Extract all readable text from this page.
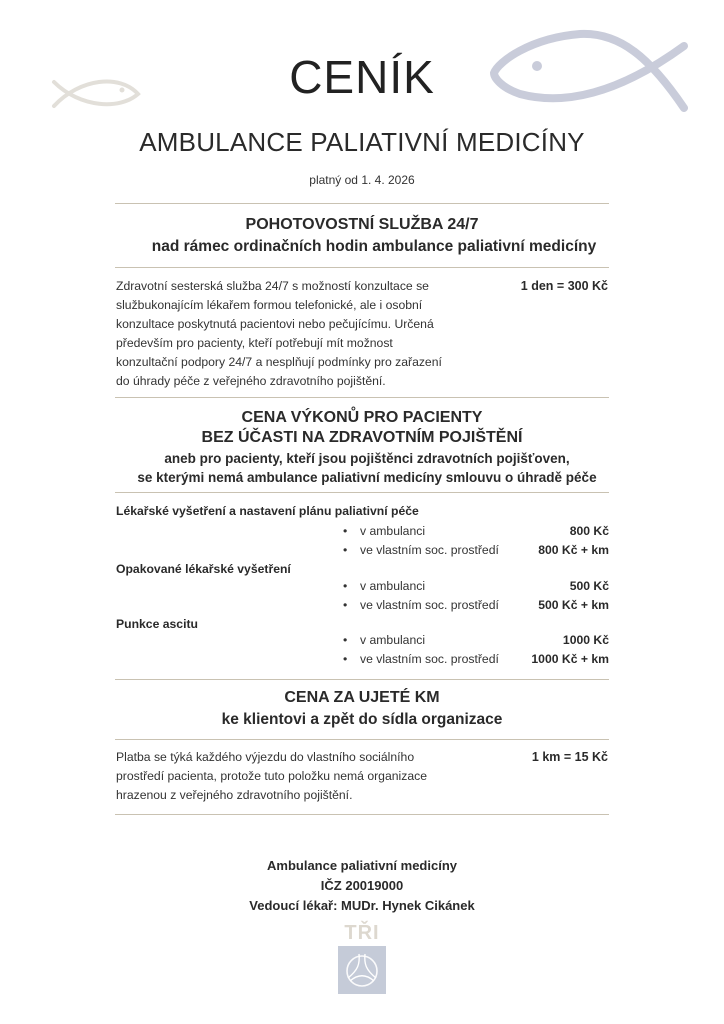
CENÍK
AMBULANCE PALIATIVNÍ MEDICÍNY
platný od 1. 4. 2026
POHOTOVOSTNÍ SLUŽBA 24/7
nad rámec ordinačních hodin ambulance paliativní medicíny
Zdravotní sesterská služba 24/7 s možností konzultace se
službukonajícím lékařem formou telefonické, ale i osobní
konzultace poskytnutá pacientovi nebo pečujícímu. Určená
především pro pacienty, kteří potřebují mít možnost
konzultační podpory 24/7 a nesplňují podmínky pro zařazení
do úhrady péče z veřejného zdravotního pojištění.
1 den = 300 Kč
CENA VÝKONŮ PRO PACIENTY
BEZ ÚČASTI NA ZDRAVOTNÍM POJIŠTĚNÍ
aneb pro pacienty, kteří jsou pojištěnci zdravotních pojišťoven,
se kterými nemá ambulance paliativní medicíny smlouvu o úhradě péče
Lékařské vyšetření a nastavení plánu paliativní péče
• v ambulanci	800 Kč
• ve vlastním soc. prostředí	800 Kč + km
Opakované lékařské vyšetření
• v ambulanci	500 Kč
• ve vlastním soc. prostředí	500 Kč + km
Punkce ascitu
• v ambulanci	1000 Kč
• ve vlastním soc. prostředí	1000 Kč + km
CENA ZA UJETÉ KM
ke klientovi a zpět do sídla organizace
Platba se týká každého výjezdu do vlastního sociálního
prostředí pacienta, protože tuto položku nemá organizace
hrazenou z veřejného zdravotního pojištění.
1 km = 15 Kč
Ambulance paliativní medicíny
IČZ 20019000
Vedoucí lékař: MUDr. Hynek Cikánek
TŘI
